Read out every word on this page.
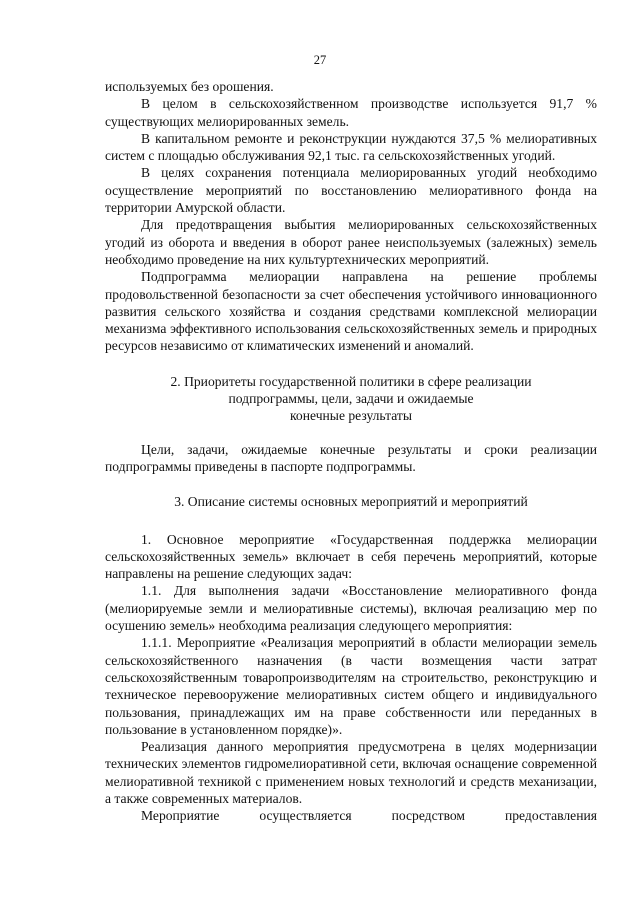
27

используемых без орошения.

В целом в сельскохозяйственном производстве используется 91,7 % существующих мелиорированных земель.

В капитальном ремонте и реконструкции нуждаются 37,5 % мелиоративных систем с площадью обслуживания 92,1 тыс. га сельскохозяйственных угодий.

В целях сохранения потенциала мелиорированных угодий необходимо осуществление мероприятий по восстановлению мелиоративного фонда на территории Амурской области.

Для предотвращения выбытия мелиорированных сельскохозяйственных угодий из оборота и введения в оборот ранее неиспользуемых (залежных) земель необходимо проведение на них культуртехнических мероприятий.

Подпрограмма мелиорации направлена на решение проблемы продовольственной безопасности за счет обеспечения устойчивого инновационного развития сельского хозяйства и создания средствами комплексной мелиорации механизма эффективного использования сельскохозяйственных земель и природных ресурсов независимо от климатических изменений и аномалий.

2. Приоритеты государственной политики в сфере реализации

подпрограммы, цели, задачи и ожидаемые

конечные результаты

Цели, задачи, ожидаемые конечные результаты и сроки реализации подпрограммы приведены в паспорте подпрограммы.

3. Описание системы основных мероприятий и мероприятий

1. Основное мероприятие «Государственная поддержка мелиорации сельскохозяйственных земель» включает в себя перечень мероприятий, которые направлены на решение следующих задач:

1.1. Для выполнения задачи «Восстановление мелиоративного фонда (мелиорируемые земли и мелиоративные системы), включая реализацию мер по осушению земель» необходима реализация следующего мероприятия:

1.1.1. Мероприятие «Реализация мероприятий в области мелиорации земель сельскохозяйственного назначения (в части возмещения части затрат сельскохозяйственным товаропроизводителям на строительство, реконструкцию и техническое перевооружение мелиоративных систем общего и индивидуального пользования, принадлежащих им на праве собственности или переданных в пользование в установленном порядке)».

Реализация данного мероприятия предусмотрена в целях модернизации технических элементов гидромелиоративной сети, включая оснащение современной мелиоративной техникой с применением новых технологий и средств механизации, а также современных материалов.

Мероприятие осуществляется посредством предоставления
